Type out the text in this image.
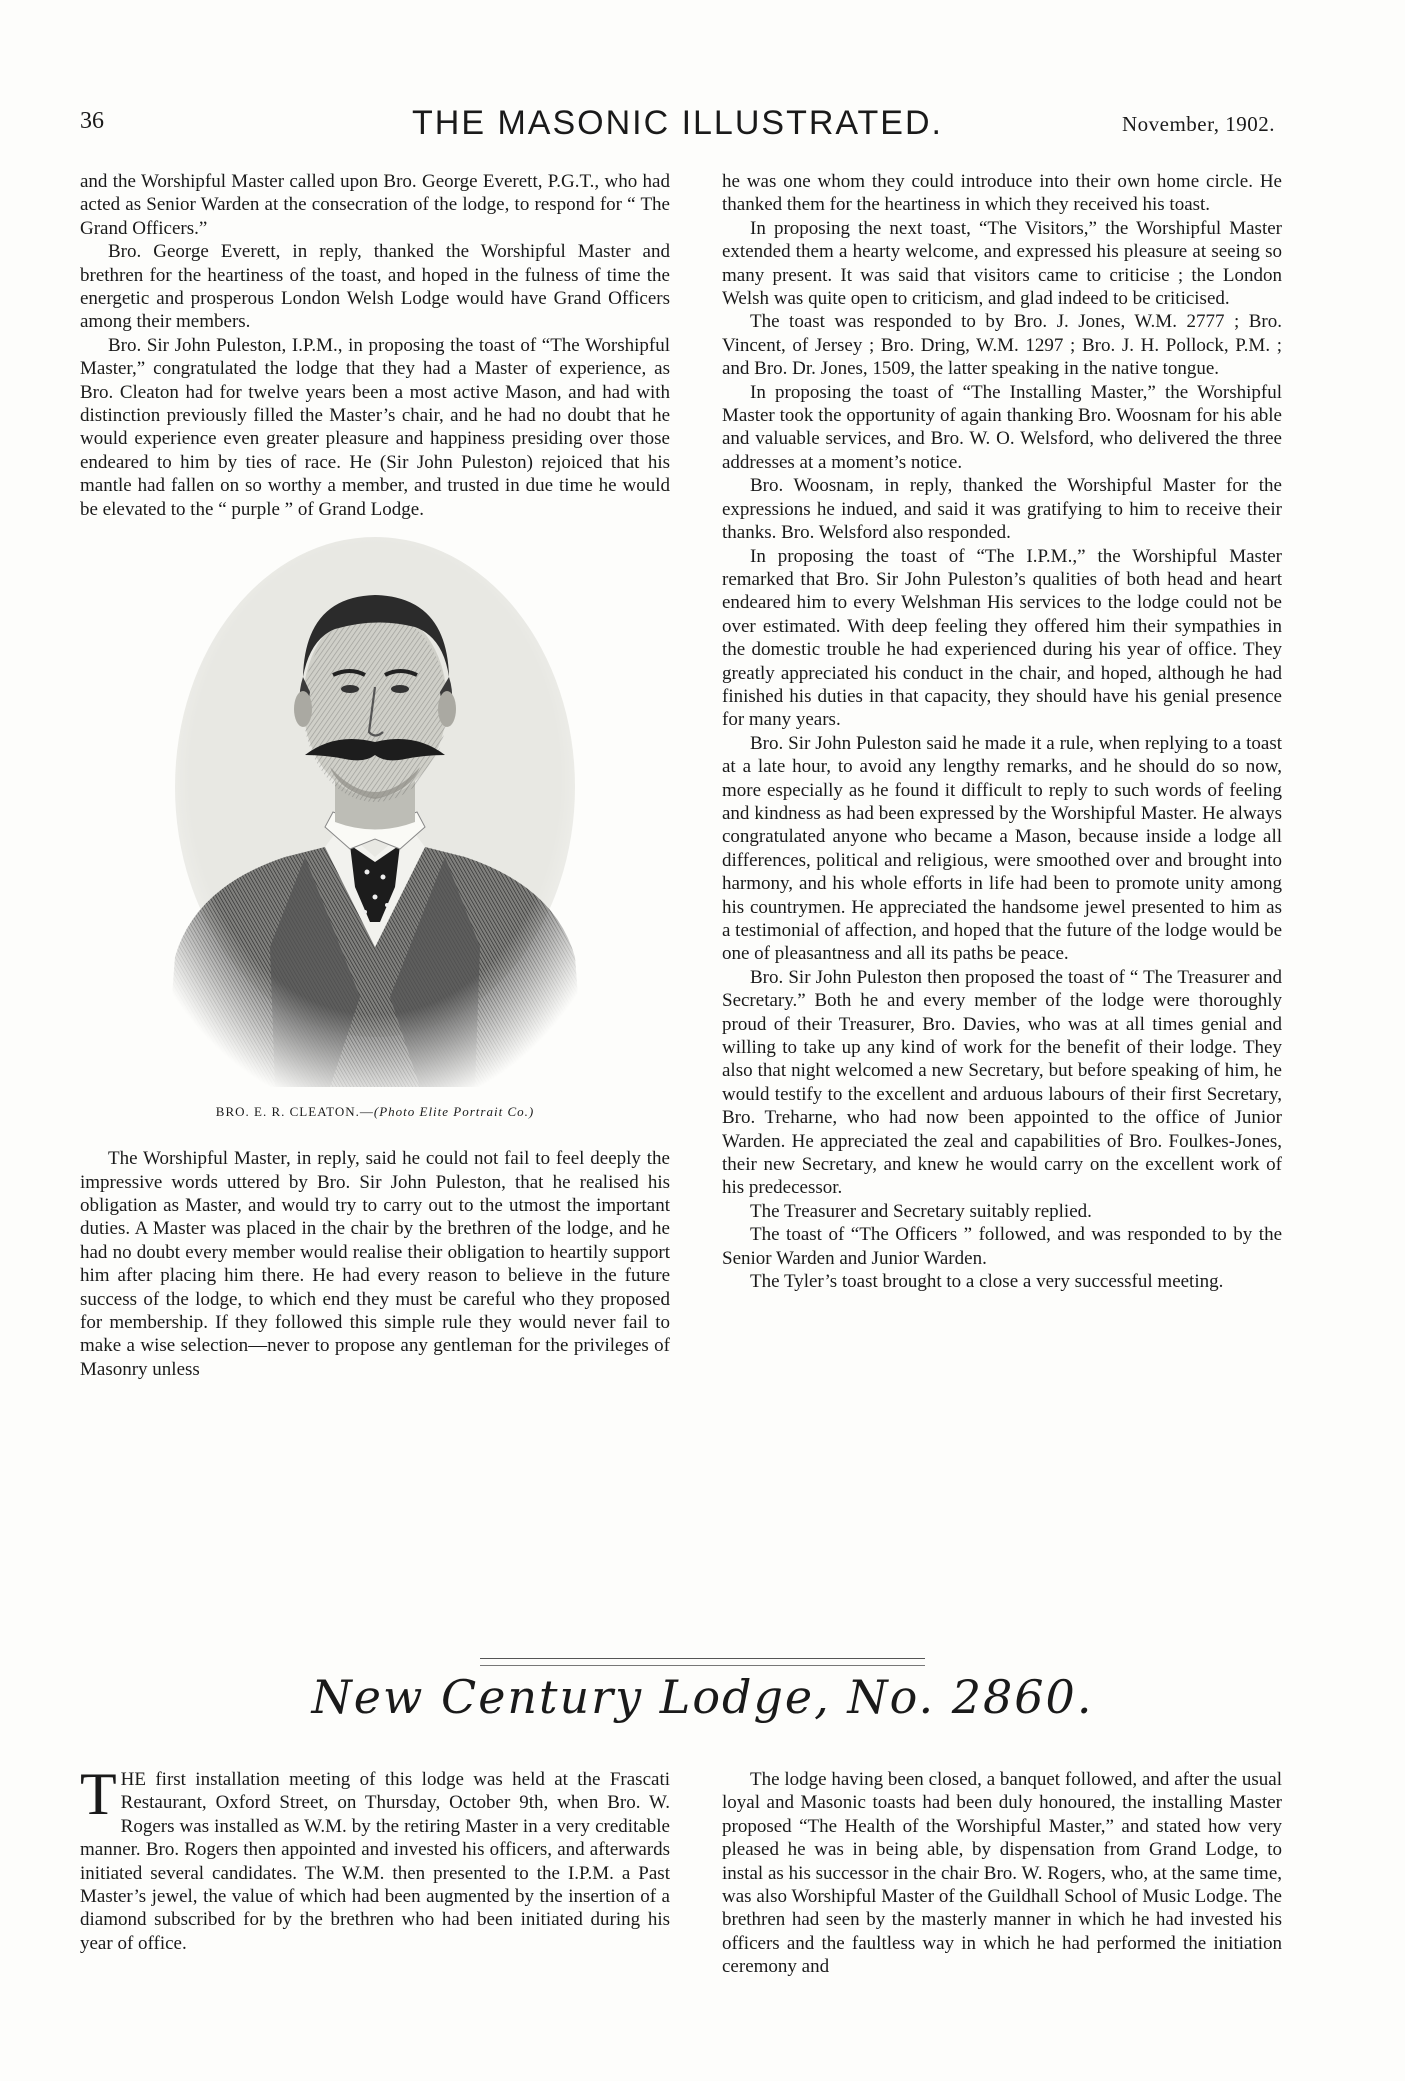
36	THE MASONIC ILLUSTRATED.	November, 1902.

and the Worshipful Master called upon Bro. George Everett, P.G.T., who had acted as Senior Warden at the consecration of the lodge, to respond for “ The Grand Officers.”

Bro. George Everett, in reply, thanked the Worshipful Master and brethren for the heartiness of the toast, and hoped in the fulness of time the energetic and prosperous London Welsh Lodge would have Grand Officers among their members.

Bro. Sir John Puleston, I.P.M., in proposing the toast of “The Worshipful Master,” congratulated the lodge that they had a Master of experience, as Bro. Cleaton had for twelve years been a most active Mason, and had with distinction previously filled the Master’s chair, and he had no doubt that he would experience even greater pleasure and happiness presiding over those endeared to him by ties of race. He (Sir John Puleston) rejoiced that his mantle had fallen on so worthy a member, and trusted in due time he would be elevated to the “ purple ” of Grand Lodge.

BRO. E. R. CLEATON.—(Photo Elite Portrait Co.)

The Worshipful Master, in reply, said he could not fail to feel deeply the impressive words uttered by Bro. Sir John Puleston, that he realised his obligation as Master, and would try to carry out to the utmost the important duties. A Master was placed in the chair by the brethren of the lodge, and he had no doubt every member would realise their obligation to heartily support him after placing him there. He had every reason to believe in the future success of the lodge, to which end they must be careful who they proposed for membership. If they followed this simple rule they would never fail to make a wise selection—never to propose any gentleman for the privileges of Masonry unless

he was one whom they could introduce into their own home circle. He thanked them for the heartiness in which they received his toast.

In proposing the next toast, “The Visitors,” the Worshipful Master extended them a hearty welcome, and expressed his pleasure at seeing so many present. It was said that visitors came to criticise ; the London Welsh was quite open to criticism, and glad indeed to be criticised.

The toast was responded to by Bro. J. Jones, W.M. 2777 ; Bro. Vincent, of Jersey ; Bro. Dring, W.M. 1297 ; Bro. J. H. Pollock, P.M. ; and Bro. Dr. Jones, 1509, the latter speaking in the native tongue.

In proposing the toast of “The Installing Master,” the Worshipful Master took the opportunity of again thanking Bro. Woosnam for his able and valuable services, and Bro. W. O. Welsford, who delivered the three addresses at a moment’s notice.

Bro. Woosnam, in reply, thanked the Worshipful Master for the expressions he indued, and said it was gratifying to him to receive their thanks. Bro. Welsford also responded.

In proposing the toast of “The I.P.M.,” the Worshipful Master remarked that Bro. Sir John Puleston’s qualities of both head and heart endeared him to every Welshman His services to the lodge could not be over estimated. With deep feeling they offered him their sympathies in the domestic trouble he had experienced during his year of office. They greatly appreciated his conduct in the chair, and hoped, although he had finished his duties in that capacity, they should have his genial presence for many years.

Bro. Sir John Puleston said he made it a rule, when replying to a toast at a late hour, to avoid any lengthy remarks, and he should do so now, more especially as he found it difficult to reply to such words of feeling and kindness as had been expressed by the Worshipful Master. He always congratulated anyone who became a Mason, because inside a lodge all differences, political and religious, were smoothed over and brought into harmony, and his whole efforts in life had been to promote unity among his countrymen. He appreciated the handsome jewel presented to him as a testimonial of affection, and hoped that the future of the lodge would be one of pleasantness and all its paths be peace.

Bro. Sir John Puleston then proposed the toast of “ The Treasurer and Secretary.” Both he and every member of the lodge were thoroughly proud of their Treasurer, Bro. Davies, who was at all times genial and willing to take up any kind of work for the benefit of their lodge. They also that night welcomed a new Secretary, but before speaking of him, he would testify to the excellent and arduous labours of their first Secretary, Bro. Treharne, who had now been appointed to the office of Junior Warden. He appreciated the zeal and capabilities of Bro. Foulkes-Jones, their new Secretary, and knew he would carry on the excellent work of his predecessor.

The Treasurer and Secretary suitably replied.

The toast of “The Officers ” followed, and was responded to by the Senior Warden and Junior Warden.

The Tyler’s toast brought to a close a very successful meeting.

New Century Lodge, No. 2860.

THE first installation meeting of this lodge was held at the Frascati Restaurant, Oxford Street, on Thursday, October 9th, when Bro. W. Rogers was installed as W.M. by the retiring Master in a very creditable manner. Bro. Rogers then appointed and invested his officers, and afterwards initiated several candidates. The W.M. then presented to the I.P.M. a Past Master’s jewel, the value of which had been augmented by the insertion of a diamond subscribed for by the brethren who had been initiated during his year of office.

The lodge having been closed, a banquet followed, and after the usual loyal and Masonic toasts had been duly honoured, the installing Master proposed “The Health of the Worshipful Master,” and stated how very pleased he was in being able, by dispensation from Grand Lodge, to instal as his successor in the chair Bro. W. Rogers, who, at the same time, was also Worshipful Master of the Guildhall School of Music Lodge. The brethren had seen by the masterly manner in which he had invested his officers and the faultless way in which he had performed the initiation ceremony and
